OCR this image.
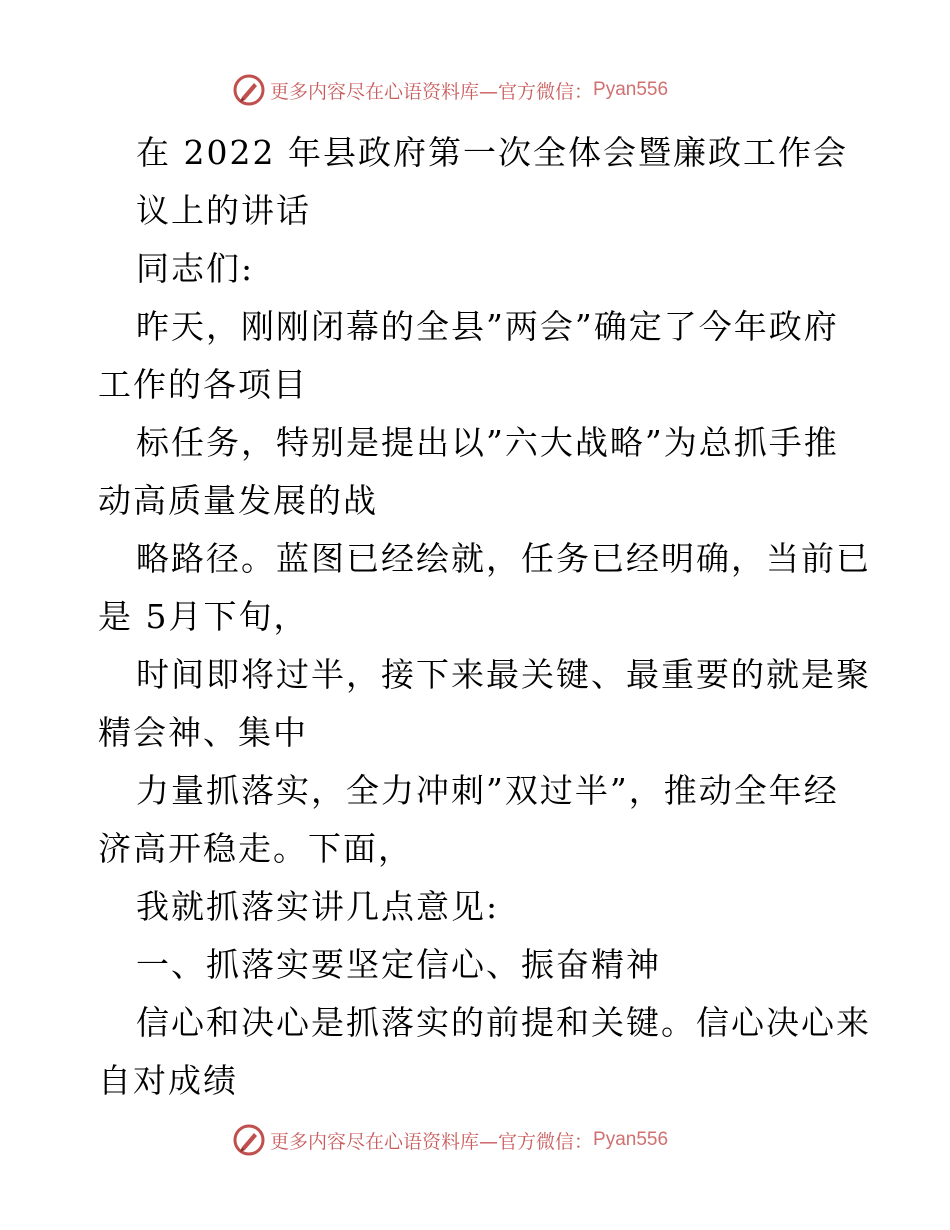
更多内容尽在心语资料库—官方微信： Pyan556
在 2022 年县政府第一次全体会暨廉政工作会
议上的讲话
同志们:
昨天，刚刚闭幕的全县”两会”确定了今年政府
工作的各项目
标任务，特别是提出以”六大战略”为总抓手推
动高质量发展的战
略路径。蓝图已经绘就，任务已经明确，当前已
是 5月下旬，
时间即将过半，接下来最关键、最重要的就是聚
精会神、集中
力量抓落实，全力冲刺”双过半”，推动全年经
济高开稳走。下面，
我就抓落实讲几点意见:
一、抓落实要坚定信心、振奋精神
信心和决心是抓落实的前提和关键。信心决心来
自对成绩
更多内容尽在心语资料库—官方微信： Pyan556
